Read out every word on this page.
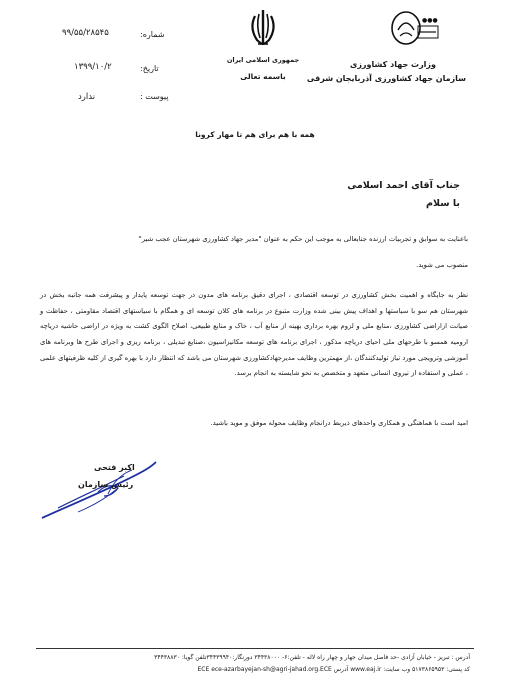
●●●
وزارت جهاد کشاورزی
سازمان جهاد کشاورزی آذربایجان شرقی
جمهوری اسلامی ایران
باسمه تعالی
شماره:
۹۹/۵۵/۲۸۵۴۵
تاریخ:
۱۳۹۹/۱۰/۲
پیوست :
ندارد
همه با هم برای هم تا مهار کرونا
جناب آقای احمد اسلامی
با سلام

باعنایت به سوابق و تجربیات ارزنده جنابعالی به موجب این حکم به عنوان "مدیر جهاد کشاورزی شهرستان عجب شیر"

منصوب می شوید.

نظر به جایگاه و اهمیت بخش کشاورزی در توسعه اقتصادی ، اجرای دقیق برنامه های مدون در جهت توسعه پایدار و پیشرفت همه جانبه بخش در شهرستان هم سو با سیاستها و اهداف پیش بینی شده وزارت متبوع در برنامه های کلان توسعه ای و همگام با سیاستهای اقتصاد مقاومتی ، حفاظت و صیانت ازاراضی کشاورزی ،منابع ملی و لزوم بهره برداری بهینه از منابع آب ، خاک و منابع طبیعی، اصلاح الگوی کشت به ویژه در اراضی حاشیه دریاچه ارومیه همسو با طرحهای ملی احیای دریاچه مذکور ، اجرای برنامه های توسعه مکانیزاسیون ،صنایع تبدیلی ، برنامه ریزی و اجرای طرح ها وبرنامه های آموزشی وترویجی مورد نیاز تولیدکنندگان ،از مهمترین وظایف مدیرجهادکشاورزی شهرستان می باشد که انتظار دارد با بهره گیری از کلیه ظرفیتهای علمی ، عملی و استفاده از نیروی انسانی متعهد و متخصص به نحو شایسته به انجام برسد.

امید است با هماهنگی و همکاری واحدهای ذیربط درانجام وظایف محوله موفق و موید باشید.

اکبر فتحی
رئیس سازمان
آدرس : تبریز - خیابان آزادی -حد فاصل میدان جهار و چهار راه لاله - تلفن:۶- ۳۴۴۳۸۰۰۰ دورنگار:۳۴۴۳۹۹۴۰تلفن گویا: ۳۴۴۳۸۸۳۰
کد پستی: ۵۱۷۳۸۶۵۹۵۳ وب سایت: www.eaj.ir آدرس ECE ece-azarbayejan-sh@agri-jahad.org.ECE
